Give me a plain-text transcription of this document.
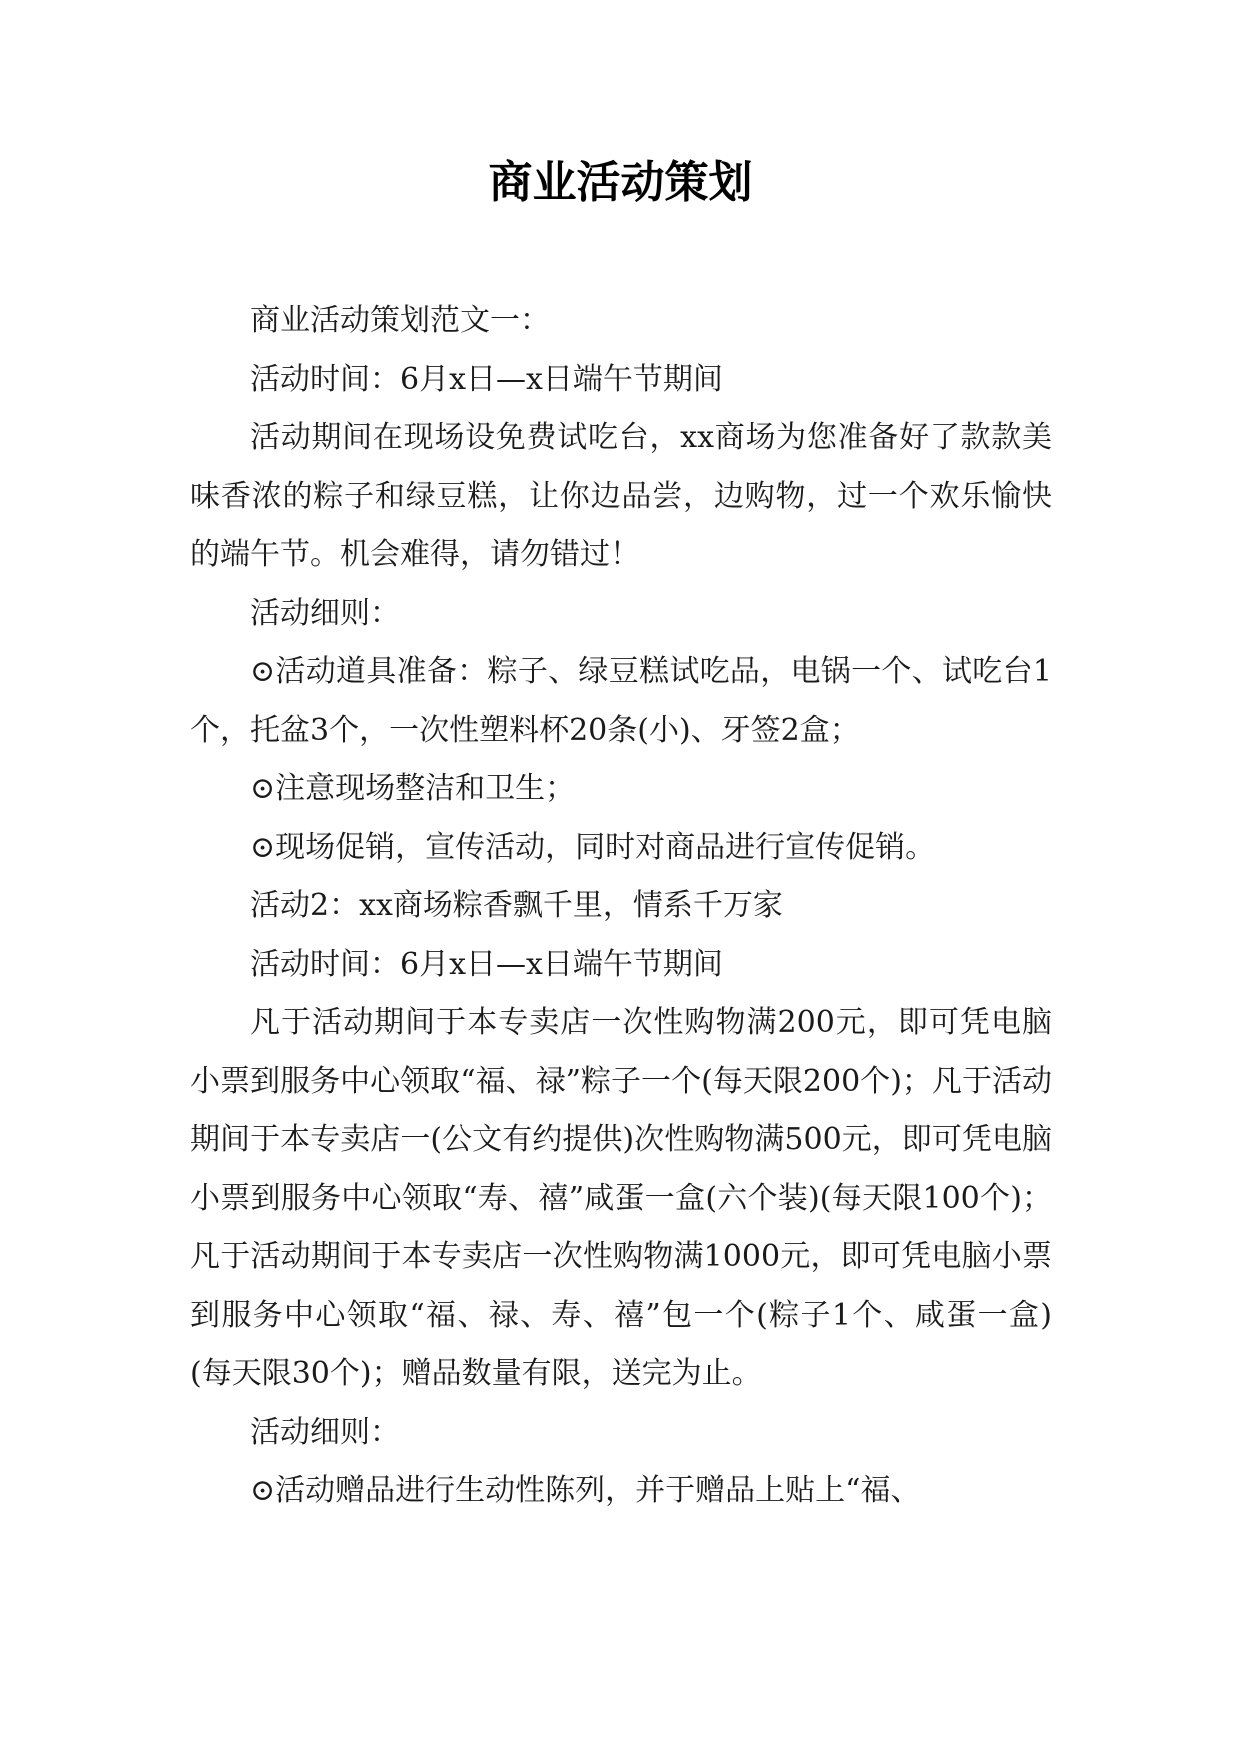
商业活动策划

商业活动策划范文一：

活动时间：6月x日—x日端午节期间

活动期间在现场设免费试吃台，xx商场为您准备好了款款美味香浓的粽子和绿豆糕，让你边品尝，边购物，过一个欢乐愉快的端午节。机会难得，请勿错过！

活动细则：

⊙活动道具准备：粽子、绿豆糕试吃品，电锅一个、试吃台1个，托盆3个，一次性塑料杯20条(小)、牙签2盒；

⊙注意现场整洁和卫生；

⊙现场促销，宣传活动，同时对商品进行宣传促销。

活动2：xx商场粽香飘千里，情系千万家

活动时间：6月x日—x日端午节期间

凡于活动期间于本专卖店一次性购物满200元，即可凭电脑小票到服务中心领取“福、禄”粽子一个(每天限200个)；凡于活动期间于本专卖店一(公文有约提供)次性购物满500元，即可凭电脑小票到服务中心领取“寿、禧”咸蛋一盒(六个装)(每天限100个)；凡于活动期间于本专卖店一次性购物满1000元，即可凭电脑小票到服务中心领取“福、禄、寿、禧”包一个(粽子1个、咸蛋一盒)(每天限30个)；赠品数量有限，送完为止。

活动细则：

⊙活动赠品进行生动性陈列，并于赠品上贴上“福、
